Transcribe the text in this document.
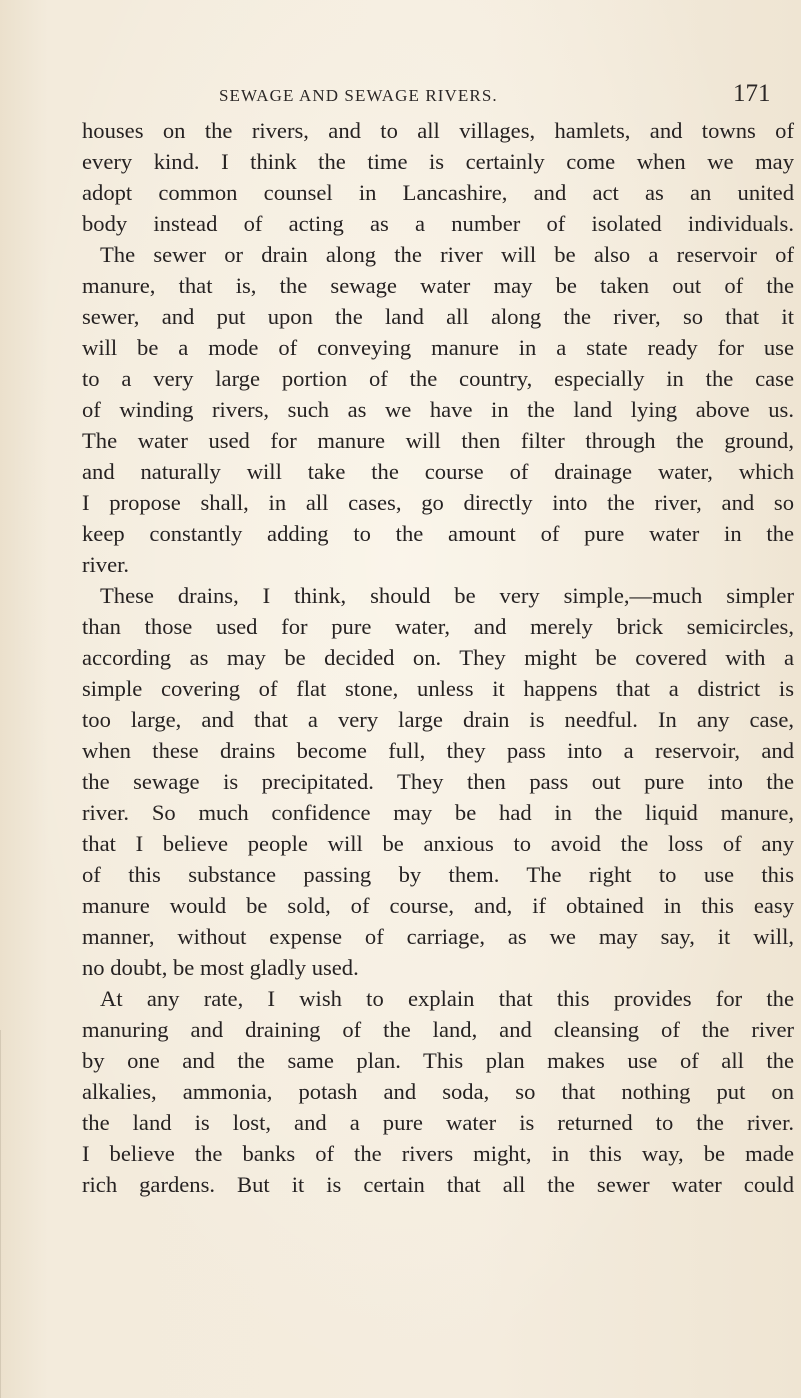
SEWAGE AND SEWAGE RIVERS.	171
houses on the rivers, and to all villages, hamlets, and towns of
every kind. I think the time is certainly come when we may
adopt common counsel in Lancashire, and act as an united
body instead of acting as a number of isolated individuals.
The sewer or drain along the river will be also a reservoir of
manure, that is, the sewage water may be taken out of the
sewer, and put upon the land all along the river, so that it
will be a mode of conveying manure in a state ready for use
to a very large portion of the country, especially in the case
of winding rivers, such as we have in the land lying above us.
The water used for manure will then filter through the ground,
and naturally will take the course of drainage water, which
I propose shall, in all cases, go directly into the river, and so
keep constantly adding to the amount of pure water in the
river.
These drains, I think, should be very simple,—much simpler
than those used for pure water, and merely brick semicircles,
according as may be decided on. They might be covered with a
simple covering of flat stone, unless it happens that a district is
too large, and that a very large drain is needful. In any case,
when these drains become full, they pass into a reservoir, and
the sewage is precipitated. They then pass out pure into the
river. So much confidence may be had in the liquid manure,
that I believe people will be anxious to avoid the loss of any
of this substance passing by them. The right to use this
manure would be sold, of course, and, if obtained in this easy
manner, without expense of carriage, as we may say, it will,
no doubt, be most gladly used.
At any rate, I wish to explain that this provides for the
manuring and draining of the land, and cleansing of the river
by one and the same plan. This plan makes use of all the
alkalies, ammonia, potash and soda, so that nothing put on
the land is lost, and a pure water is returned to the river.
I believe the banks of the rivers might, in this way, be made
rich gardens. But it is certain that all the sewer water could
